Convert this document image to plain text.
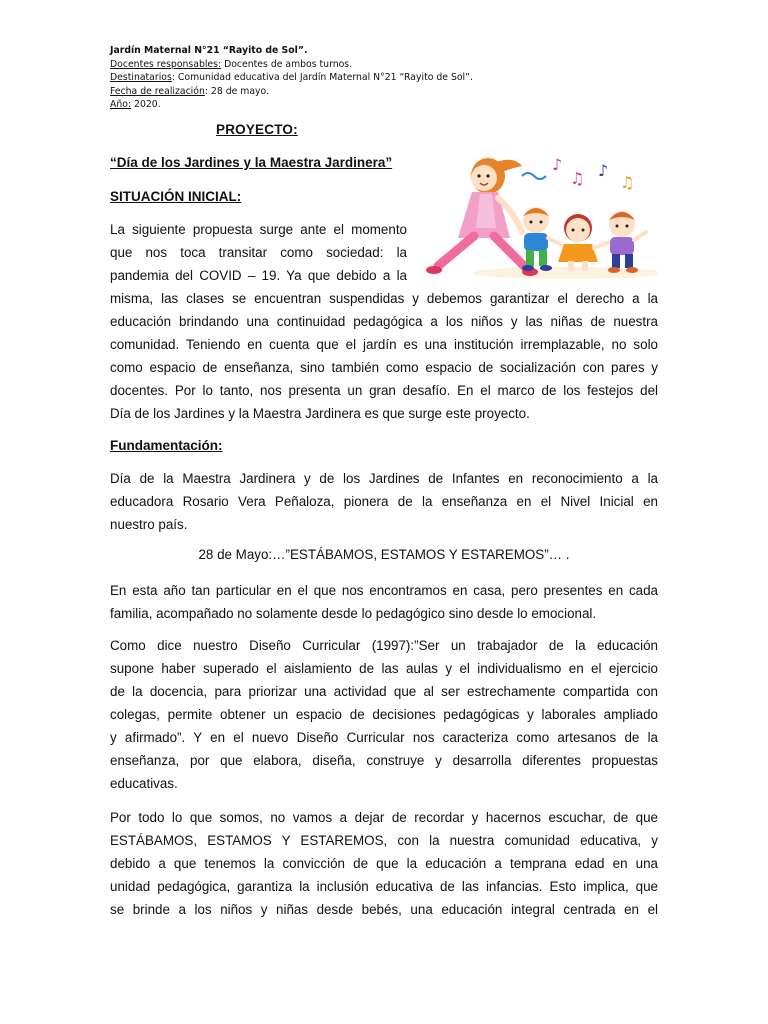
Jardín Maternal N°21 “Rayito de Sol”.
Docentes responsables: Docentes de ambos turnos.
Destinatarios: Comunidad educativa del Jardín Maternal N°21 “Rayito de Sol”.
Fecha de realización: 28 de mayo.
Año: 2020.
PROYECTO:
“Día de los Jardines y la Maestra Jardinera”
SITUACIÓN INICIAL:
♪
♫ ♪
♫
La siguiente propuesta surge ante el momento
que nos toca transitar como sociedad: la
pandemia del COVID – 19. Ya que debido a la
misma, las clases se encuentran suspendidas y debemos garantizar el derecho a la
educación brindando una continuidad pedagógica a los niños y las niñas de nuestra
comunidad. Teniendo en cuenta que el jardín es una institución irremplazable, no solo
como espacio de enseñanza, sino también como espacio de socialización con pares y
docentes. Por lo tanto, nos presenta un gran desafío. En el marco de los festejos del
Día de los Jardines y la Maestra Jardinera es que surge este proyecto.
Fundamentación:
Día de la Maestra Jardinera y de los Jardines de Infantes en reconocimiento a la
educadora Rosario Vera Peñaloza, pionera de la enseñanza en el Nivel Inicial en
nuestro país.
28 de Mayo:…”ESTÁBAMOS, ESTAMOS Y ESTAREMOS”… .
En esta año tan particular en el que nos encontramos en casa, pero presentes en cada
familia, acompañado no solamente desde lo pedagógico sino desde lo emocional.
Como dice nuestro Diseño Curricular (1997):”Ser un trabajador de la educación
supone haber superado el aislamiento de las aulas y el individualismo en el ejercicio
de la docencia, para priorizar una actividad que al ser estrechamente compartida con
colegas, permite obtener un espacio de decisiones pedagógicas y laborales ampliado
y afirmado”. Y en el nuevo Diseño Curricular nos caracteriza como artesanos de la
enseñanza, por que elabora, diseña, construye y desarrolla diferentes propuestas
educativas.
Por todo lo que somos, no vamos a dejar de recordar y hacernos escuchar, de que
ESTÁBAMOS, ESTAMOS Y ESTAREMOS, con la nuestra comunidad educativa, y
debido a que tenemos la convicción de que la educación a temprana edad en una
unidad pedagógica, garantiza la inclusión educativa de las infancias. Esto implica, que
se brinde a los niños y niñas desde bebés, una educación integral centrada en el
